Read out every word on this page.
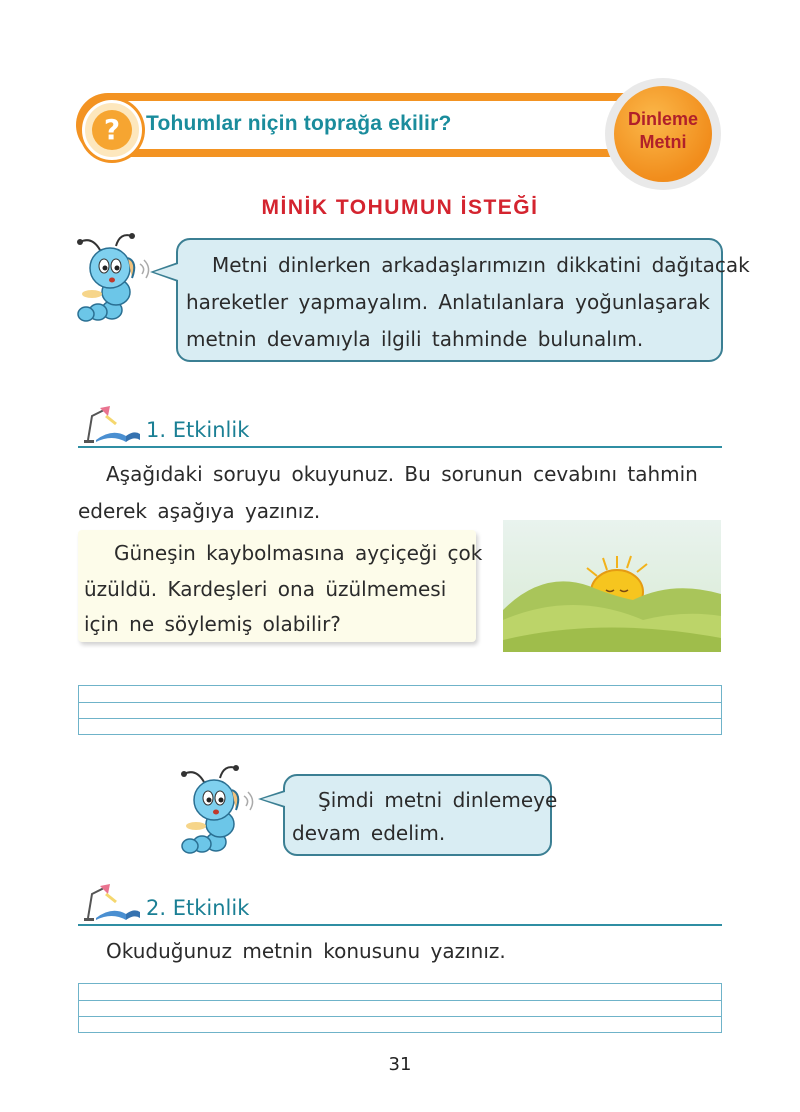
?	Tohumlar niçin toprağa ekilir?	Dinleme
Metni
MİNİK TOHUMUN İSTEĞİ
Metni dinlerken arkadaşlarımızın dikkatini dağıtacak
hareketler yapmayalım. Anlatılanlara yoğunlaşarak
metnin devamıyla ilgili tahminde bulunalım.
1. Etkinlik
Aşağıdaki soruyu okuyunuz. Bu sorunun cevabını tahmin
ederek aşağıya yazınız.
Güneşin kaybolmasına ayçiçeği çok
üzüldü. Kardeşleri ona üzülmemesi
için ne söylemiş olabilir?
Şimdi metni dinlemeye
devam edelim.
2. Etkinlik
Okuduğunuz metnin konusunu yazınız.
31
